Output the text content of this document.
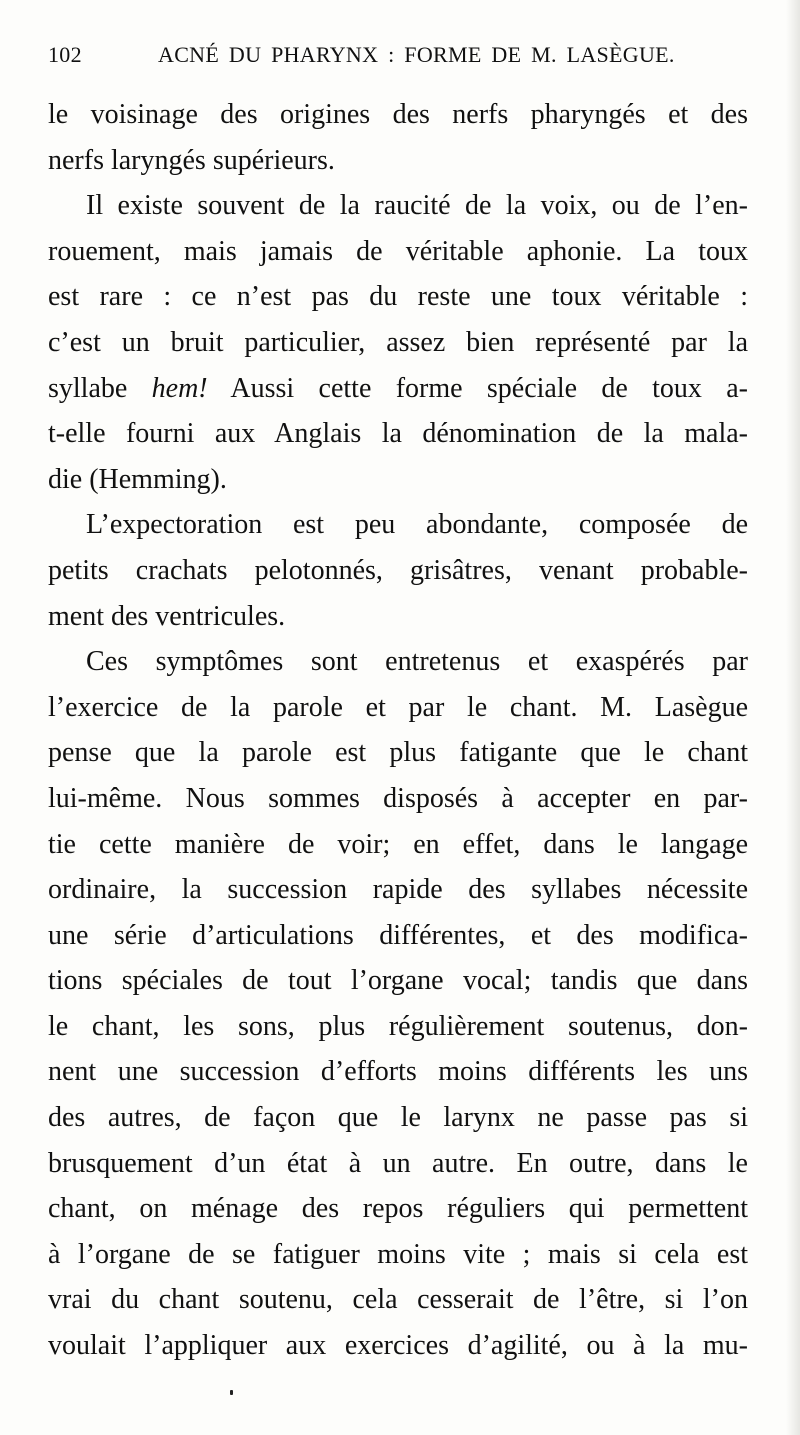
102	ACNÉ DU PHARYNX : FORME DE M. LASÈGUE.
le voisinage des origines des nerfs pharyngés et des
nerfs laryngés supérieurs.
Il existe souvent de la raucité de la voix, ou de l’en-
rouement, mais jamais de véritable aphonie. La toux
est rare : ce n’est pas du reste une toux véritable :
c’est un bruit particulier, assez bien représenté par la
syllabe hem! Aussi cette forme spéciale de toux a-
t-elle fourni aux Anglais la dénomination de la mala-
die (Hemming).
L’expectoration est peu abondante, composée de
petits crachats pelotonnés, grisâtres, venant probable-
ment des ventricules.
Ces symptômes sont entretenus et exaspérés par
l’exercice de la parole et par le chant. M. Lasègue
pense que la parole est plus fatigante que le chant
lui-même. Nous sommes disposés à accepter en par-
tie cette manière de voir; en effet, dans le langage
ordinaire, la succession rapide des syllabes nécessite
une série d’articulations différentes, et des modifica-
tions spéciales de tout l’organe vocal; tandis que dans
le chant, les sons, plus régulièrement soutenus, don-
nent une succession d’efforts moins différents les uns
des autres, de façon que le larynx ne passe pas si
brusquement d’un état à un autre. En outre, dans le
chant, on ménage des repos réguliers qui permettent
à l’organe de se fatiguer moins vite ; mais si cela est
vrai du chant soutenu, cela cesserait de l’être, si l’on
voulait l’appliquer aux exercices d’agilité, ou à la mu-
